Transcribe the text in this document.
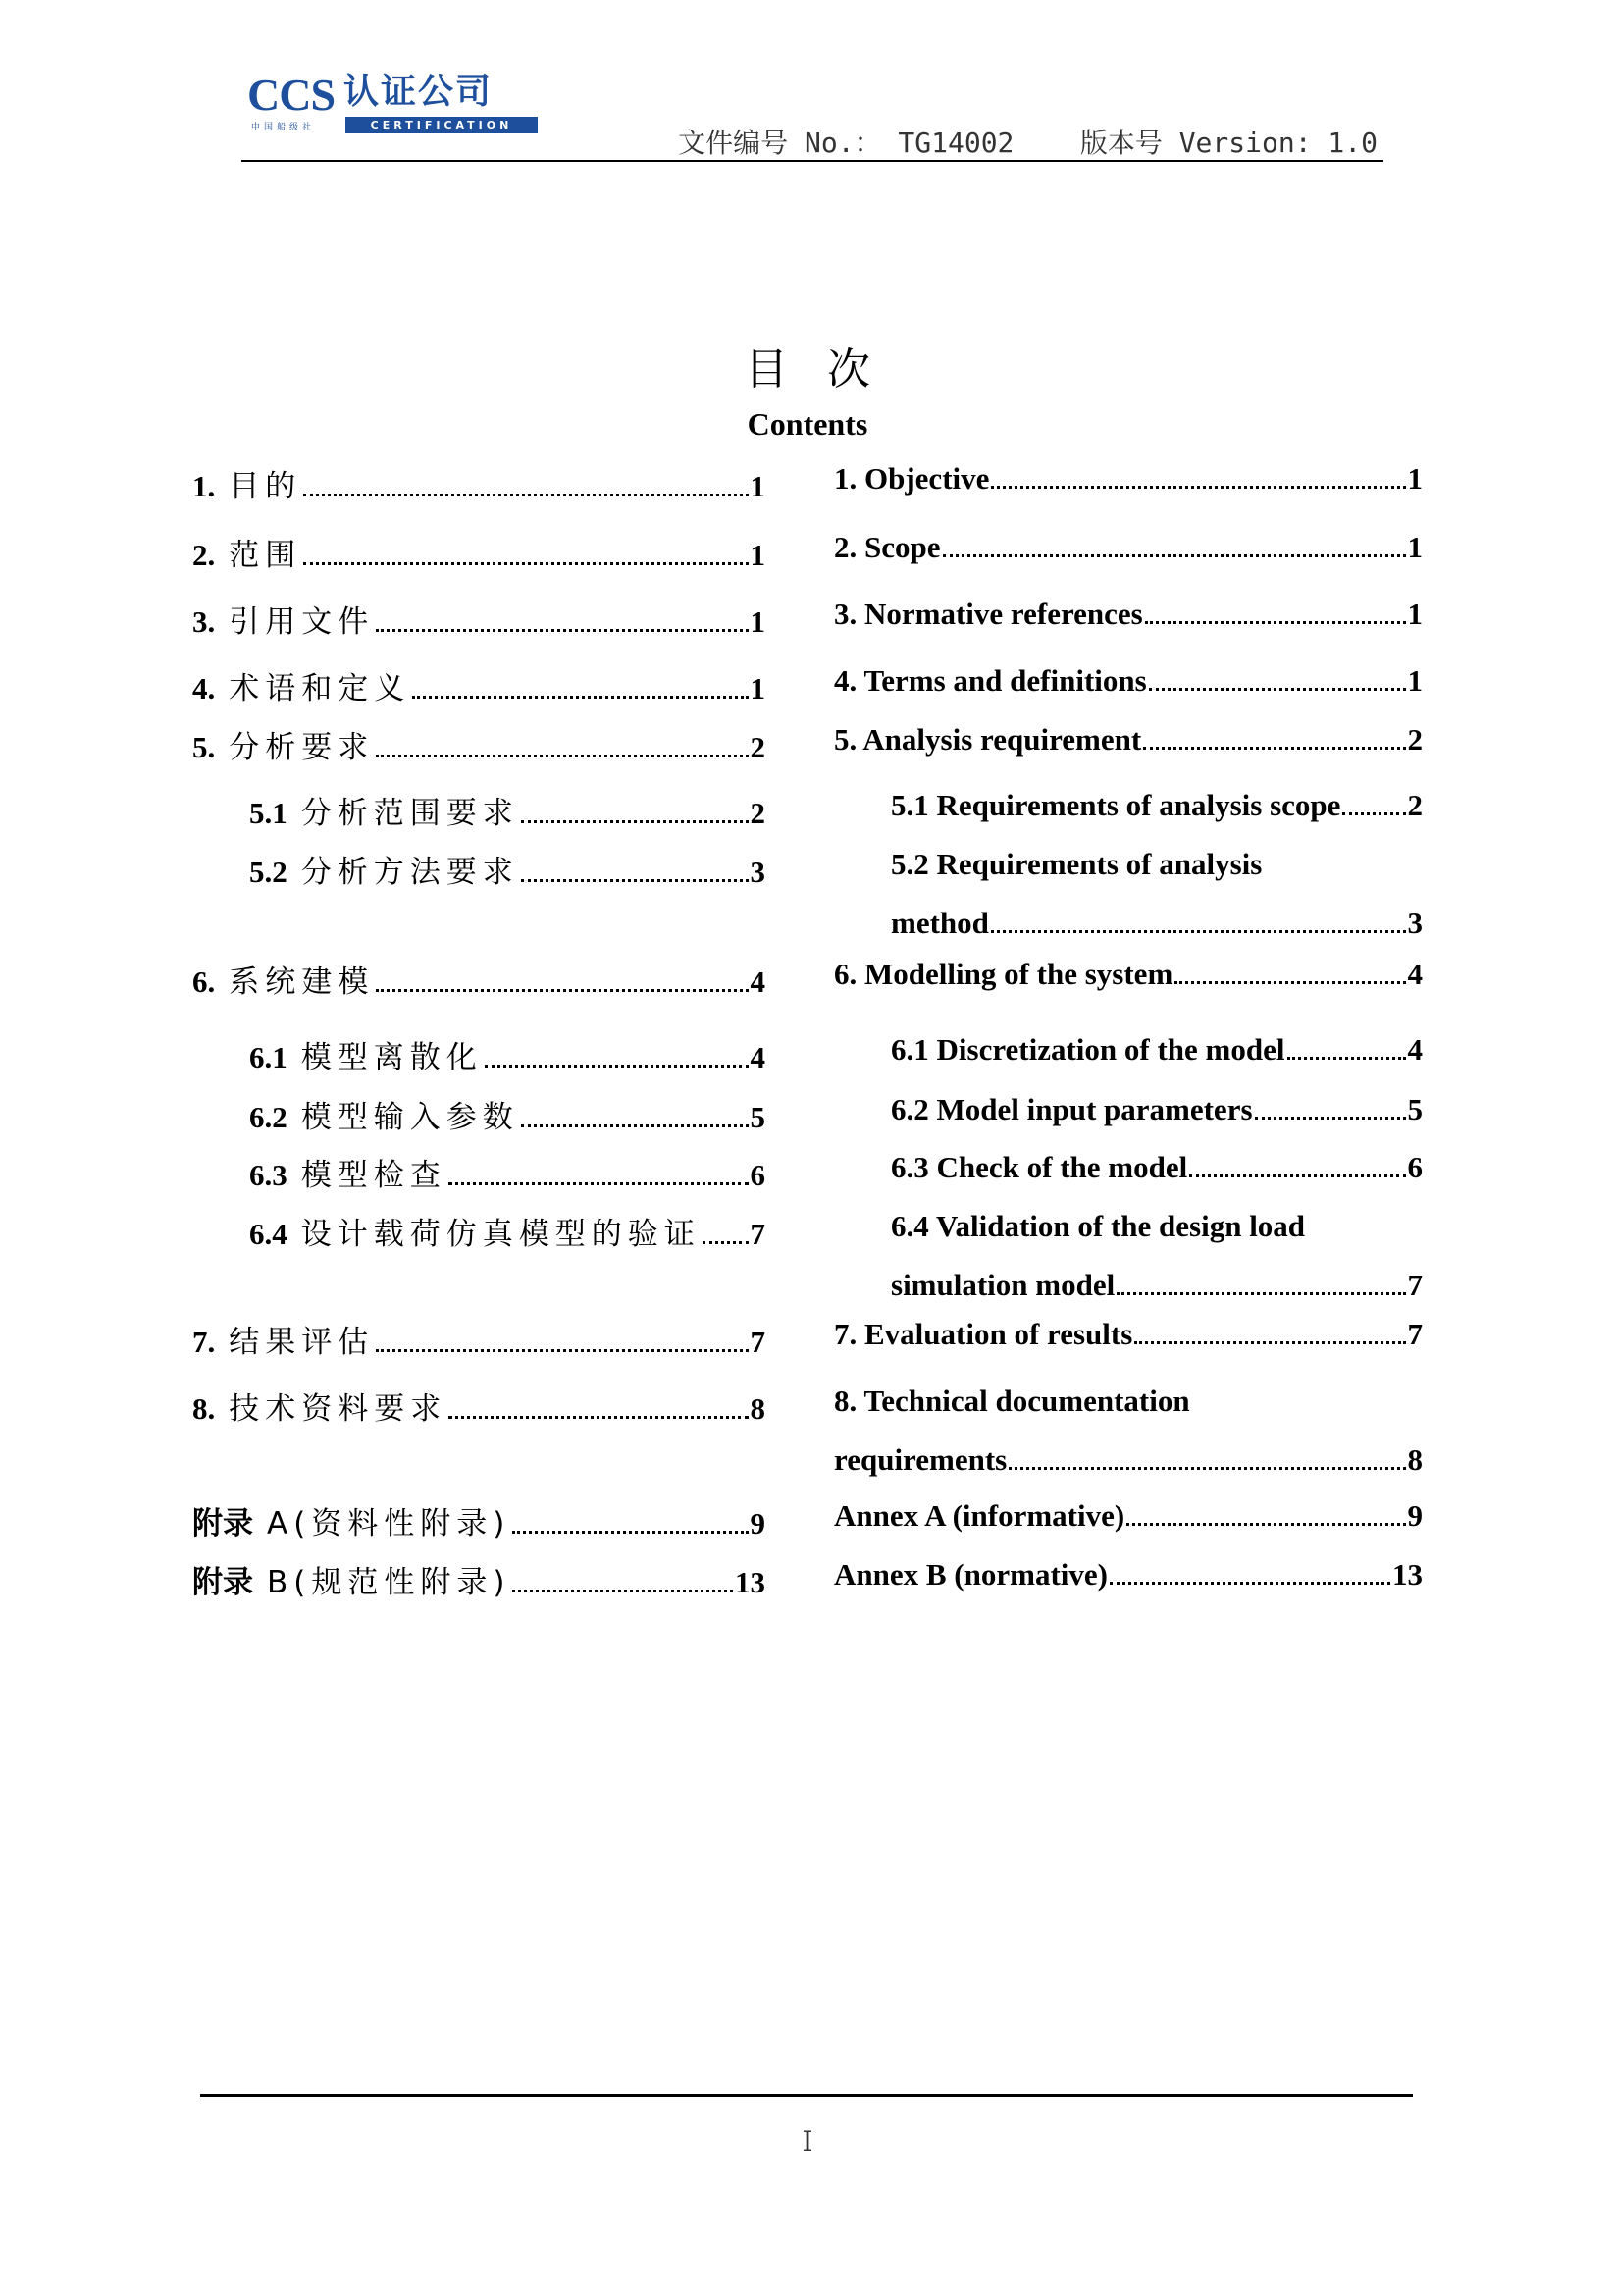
CCS 认证公司
CERTIFICATION
中国船级社	文件编号 No.： TG14002    版本号 Version: 1.0
目次
Contents
1. 目的	1
2. 范围	1
3. 引用文件	1
4. 术语和定义	1
5. 分析要求	2
5.1 分析范围要求	2
5.2 分析方法要求	3
6. 系统建模	4
6.1 模型离散化	4
6.2 模型输入参数	5
6.3 模型检查	6
6.4 设计载荷仿真模型的验证 7
7. 结果评估	7
8. 技术资料要求	8
附录 A(资料性附录)	9
附录 B(规范性附录)	13
1. Objective	1
2. Scope	1
3. Normative references	1
4. Terms and definitions	1
5. Analysis requirement	2
5.1 Requirements of analysis scope 2
5.2 Requirements of analysis
method	3
6. Modelling of the system	4
6.1 Discretization of the model	4
6.2 Model input parameters	5
6.3 Check of the model	6
6.4 Validation of the design load
simulation model	7
7. Evaluation of results	7
8. Technical documentation
requirements	8
Annex A (informative)	9
Annex B (normative)	13
I
